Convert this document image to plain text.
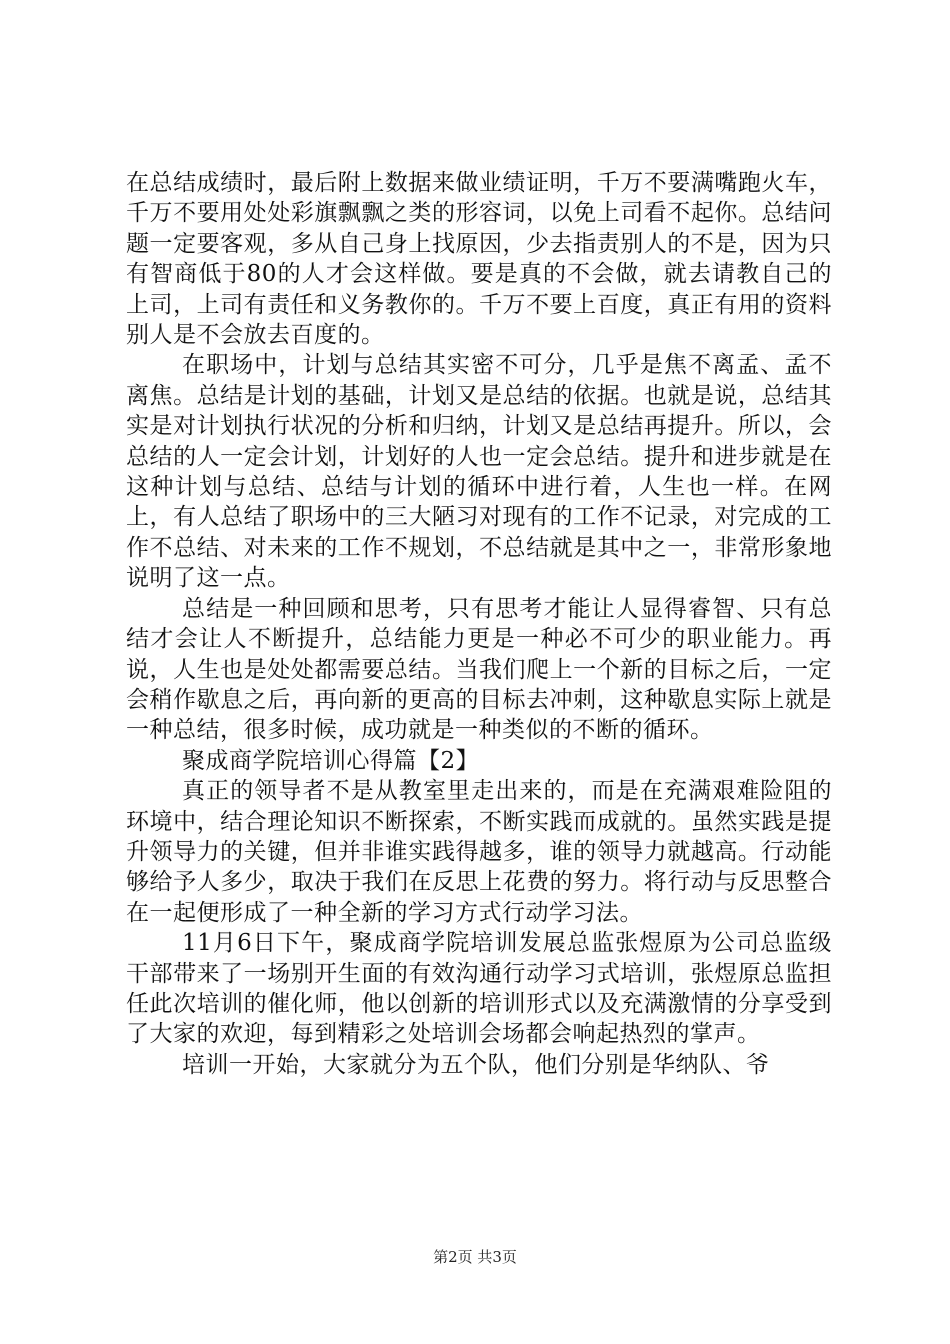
在总结成绩时，最后附上数据来做业绩证明，千万不要满嘴跑火车，千万不要用处处彩旗飘飘之类的形容词，以免上司看不起你。总结问题一定要客观，多从自己身上找原因，少去指责别人的不是，因为只有智商低于80的人才会这样做。要是真的不会做，就去请教自己的上司，上司有责任和义务教你的。千万不要上百度，真正有用的资料别人是不会放去百度的。

在职场中，计划与总结其实密不可分，几乎是焦不离孟、孟不离焦。总结是计划的基础，计划又是总结的依据。也就是说，总结其实是对计划执行状况的分析和归纳，计划又是总结再提升。所以，会总结的人一定会计划，计划好的人也一定会总结。提升和进步就是在这种计划与总结、总结与计划的循环中进行着，人生也一样。在网上，有人总结了职场中的三大陋习对现有的工作不记录，对完成的工作不总结、对未来的工作不规划，不总结就是其中之一，非常形象地说明了这一点。

总结是一种回顾和思考，只有思考才能让人显得睿智、只有总结才会让人不断提升，总结能力更是一种必不可少的职业能力。再说，人生也是处处都需要总结。当我们爬上一个新的目标之后，一定会稍作歇息之后，再向新的更高的目标去冲刺，这种歇息实际上就是一种总结，很多时候，成功就是一种类似的不断的循环。

聚成商学院培训心得篇【2】

真正的领导者不是从教室里走出来的，而是在充满艰难险阻的环境中，结合理论知识不断探索，不断实践而成就的。虽然实践是提升领导力的关键，但并非谁实践得越多，谁的领导力就越高。行动能够给予人多少，取决于我们在反思上花费的努力。将行动与反思整合在一起便形成了一种全新的学习方式行动学习法。

11月6日下午，聚成商学院培训发展总监张煜原为公司总监级干部带来了一场别开生面的有效沟通行动学习式培训，张煜原总监担任此次培训的催化师，他以创新的培训形式以及充满激情的分享受到了大家的欢迎，每到精彩之处培训会场都会响起热烈的掌声。

培训一开始，大家就分为五个队，他们分别是华纳队、爷

第2页 共3页
